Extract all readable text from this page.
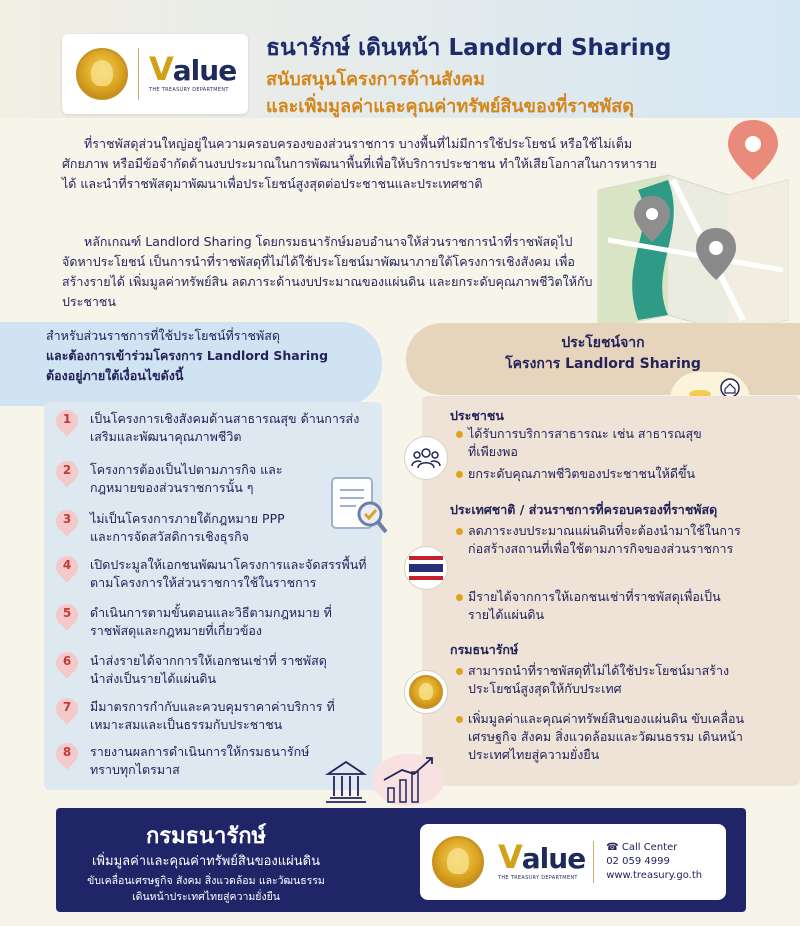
Value
THE TREASURY DEPARTMENT
ธนารักษ์ เดินหน้า Landlord Sharing
สนับสนุนโครงการด้านสังคม
และเพิ่มมูลค่าและคุณค่าทรัพย์สินของที่ราชพัสดุ

ที่ราชพัสดุส่วนใหญ่อยู่ในความครอบครองของส่วนราชการ บางพื้นที่ไม่มีการใช้ประโยชน์ หรือใช้ไม่เต็มศักยภาพ หรือมีข้อจำกัดด้านงบประมาณในการพัฒนาพื้นที่เพื่อให้บริการประชาชน ทำให้เสียโอกาสในการหารายได้ และนำที่ราชพัสดุมาพัฒนาเพื่อประโยชน์สูงสุดต่อประชาชนและประเทศชาติ

หลักเกณฑ์ Landlord Sharing โดยกรมธนารักษ์มอบอำนาจให้ส่วนราชการนำที่ราชพัสดุไปจัดหาประโยชน์ เป็นการนำที่ราชพัสดุที่ไม่ได้ใช้ประโยชน์มาพัฒนาภายใต้โครงการเชิงสังคม เพื่อสร้างรายได้ เพิ่มมูลค่าทรัพย์สิน ลดภาระด้านงบประมาณของแผ่นดิน และยกระดับคุณภาพชีวิตให้กับประชาชน

สำหรับส่วนราชการที่ใช้ประโยชน์ที่ราชพัสดุ
และต้องการเข้าร่วมโครงการ Landlord Sharing
ต้องอยู่ภายใต้เงื่อนไขดังนี้
1	เป็นโครงการเชิงสังคมด้านสาธารณสุข ด้านการส่งเสริมและพัฒนาคุณภาพชีวิต
2	โครงการต้องเป็นไปตามภารกิจ และกฎหมายของส่วนราชการนั้น ๆ
3	ไม่เป็นโครงการภายใต้กฎหมาย PPP และการจัดสวัสดิการเชิงธุรกิจ
4	เปิดประมูลให้เอกชนพัฒนาโครงการและจัดสรรพื้นที่ตามโครงการให้ส่วนราชการใช้ในราชการ
5	ดำเนินการตามขั้นตอนและวิธีตามกฎหมาย ที่ราชพัสดุและกฎหมายที่เกี่ยวข้อง
6	นำส่งรายได้จากการให้เอกชนเช่าที่ ราชพัสดุนำส่งเป็นรายได้แผ่นดิน
7	มีมาตรการกำกับและควบคุมราคาค่าบริการ ที่เหมาะสมและเป็นธรรมกับประชาชน
8	รายงานผลการดำเนินการให้กรมธนารักษ์ ทราบทุกไตรมาส
ประโยชน์จาก
โครงการ Landlord Sharing
ประชาชน
ได้รับการบริการสาธารณะ เช่น สาธารณสุขที่เพียงพอ
ยกระดับคุณภาพชีวิตของประชาชนให้ดีขึ้น
ประเทศชาติ / ส่วนราชการที่ครอบครองที่ราชพัสดุ
ลดภาระงบประมาณแผ่นดินที่จะต้องนำมาใช้ในการก่อสร้างสถานที่เพื่อใช้ตามภารกิจของส่วนราชการ
มีรายได้จากการให้เอกชนเช่าที่ราชพัสดุเพื่อเป็นรายได้แผ่นดิน
กรมธนารักษ์
สามารถนำที่ราชพัสดุที่ไม่ได้ใช้ประโยชน์มาสร้างประโยชน์สูงสุดให้กับประเทศ
เพิ่มมูลค่าและคุณค่าทรัพย์สินของแผ่นดิน ขับเคลื่อนเศรษฐกิจ สังคม สิ่งแวดล้อมและวัฒนธรรม เดินหน้าประเทศไทยสู่ความยั่งยืน
กรมธนารักษ์
เพิ่มมูลค่าและคุณค่าทรัพย์สินของแผ่นดิน
ขับเคลื่อนเศรษฐกิจ สังคม สิ่งแวดล้อม และวัฒนธรรม
เดินหน้าประเทศไทยสู่ความยั่งยืน
Value
THE TREASURY DEPARTMENT
☎ Call Center
02 059 4999
www.treasury.go.th
